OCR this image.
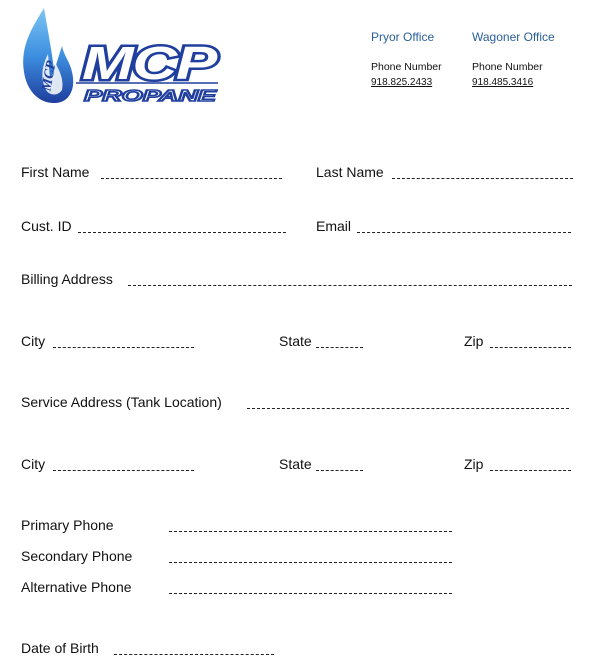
MCP MCP
PROPANE
Pryor Office
Phone Number
918.825.2433
Wagoner Office
Phone Number
918.485.3416
First Name	Last Name
Cust. ID	Email
Billing Address
City	State	Zip
Service Address (Tank Location)
City	State	Zip
Primary Phone
Secondary Phone
Alternative Phone
Date of Birth
